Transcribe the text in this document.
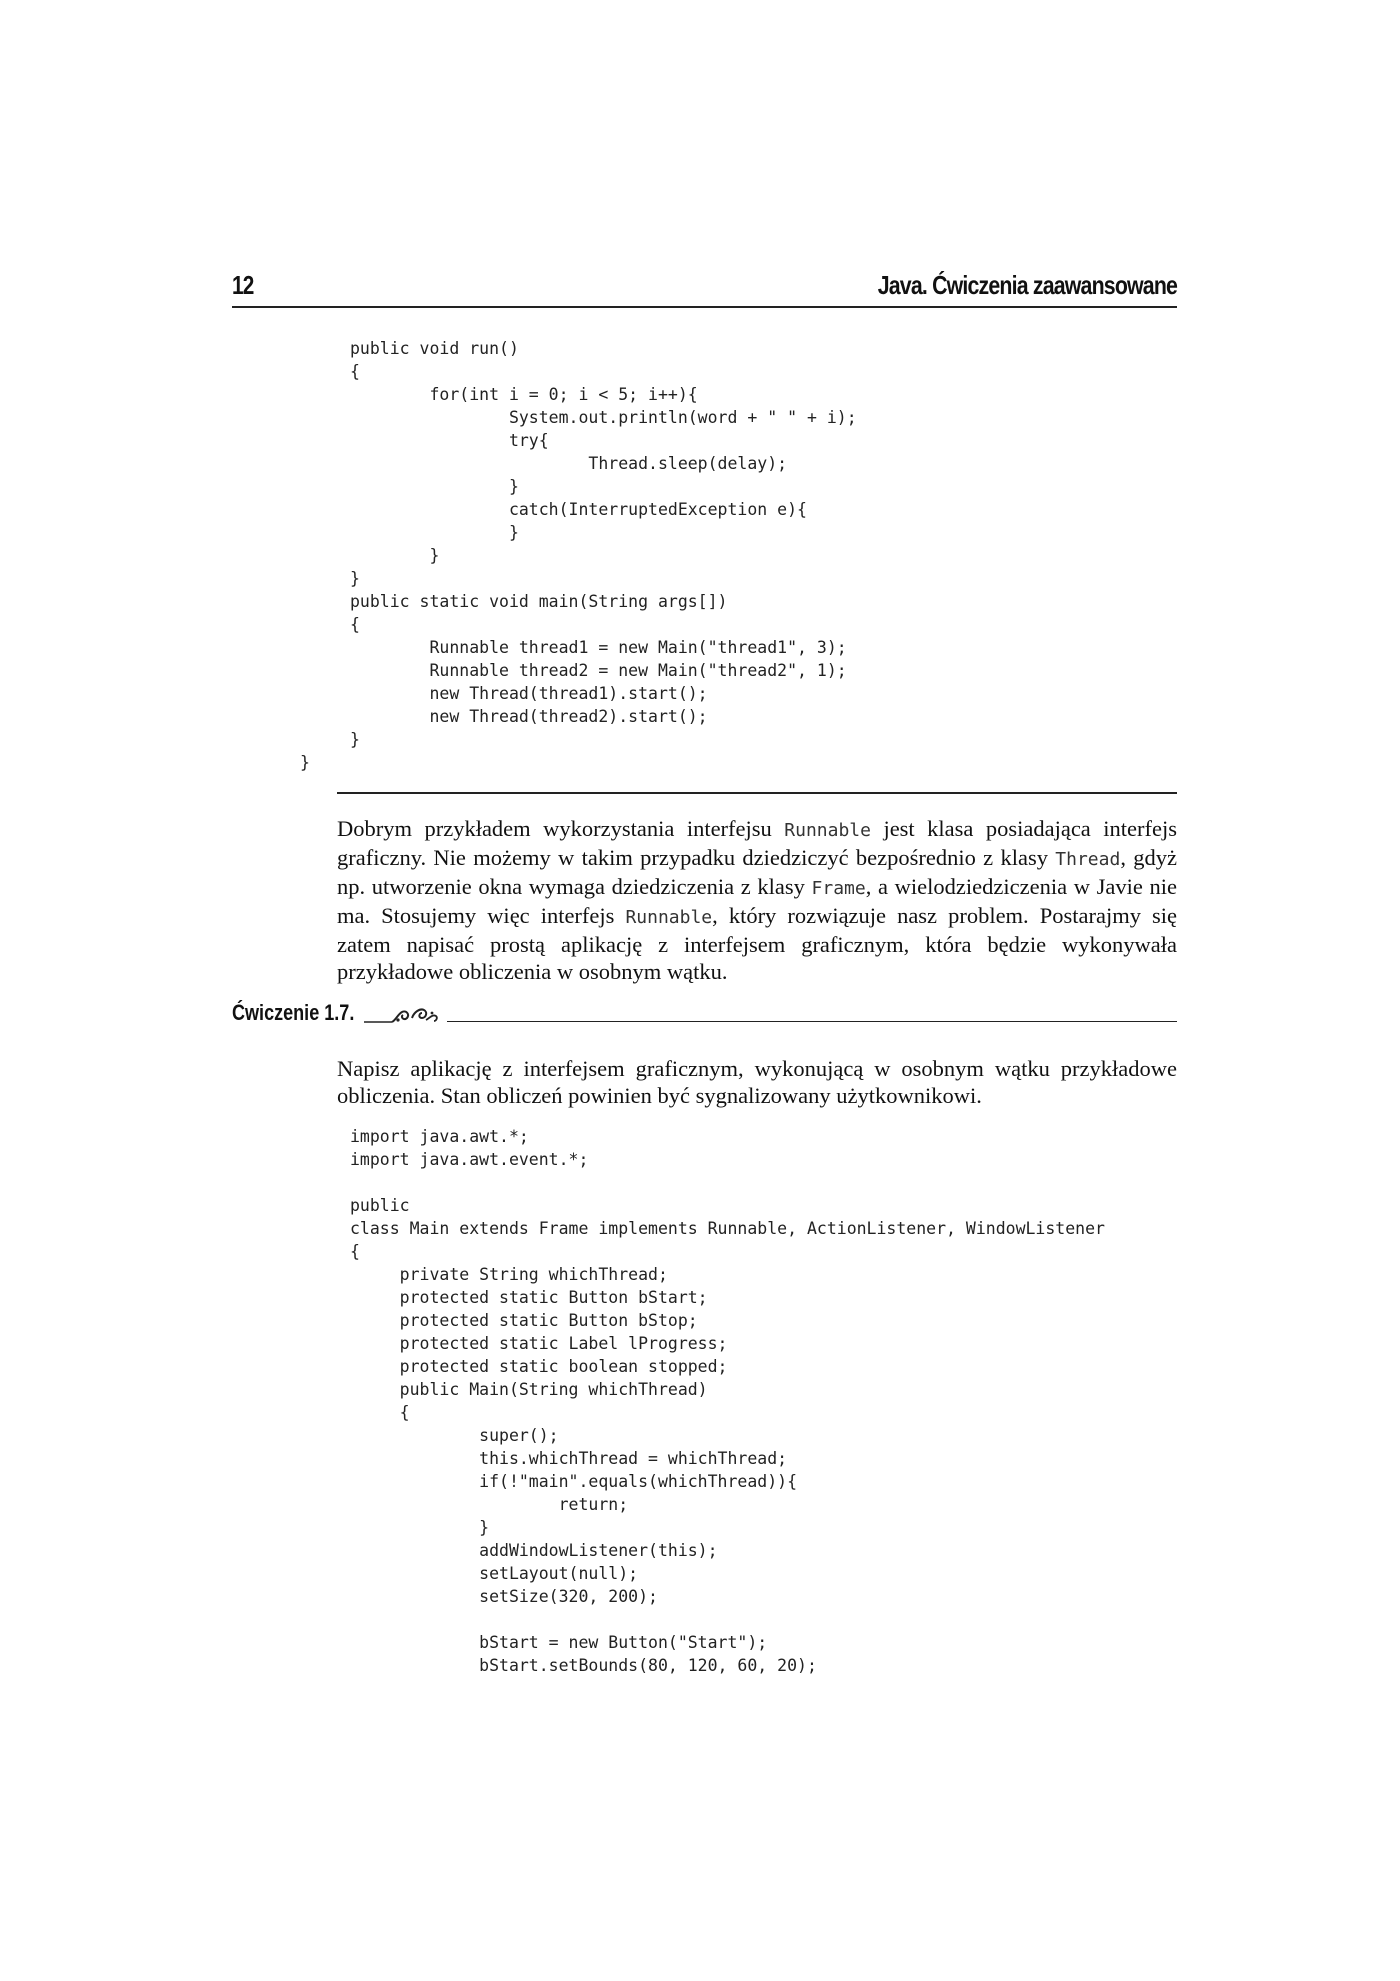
12	Java. Ćwiczenia zaawansowane
public void run()
{
for(int i = 0; i < 5; i++){
System.out.println(word + " " + i);
try{
Thread.sleep(delay);
}
catch(InterruptedException e){
}
}
}
public static void main(String args[])
{
Runnable thread1 = new Main("thread1", 3);
Runnable thread2 = new Main("thread2", 1);
new Thread(thread1).start();
new Thread(thread2).start();
}
}

Dobrym przykładem wykorzystania interfejsu Runnable jest klasa posiadająca interfejs graficzny. Nie możemy w takim przypadku dziedziczyć bezpośrednio z klasy Thread, gdyż np. utworzenie okna wymaga dziedziczenia z klasy Frame, a wielodziedziczenia w Javie nie ma. Stosujemy więc interfejs Runnable, który rozwiązuje nasz problem. Postarajmy się zatem napisać prostą aplikację z interfejsem graficznym, która będzie wykonywała przykładowe obliczenia w osobnym wątku.

Ćwiczenie 1.7.

Napisz aplikację z interfejsem graficznym, wykonującą w osobnym wątku przykładowe obliczenia. Stan obliczeń powinien być sygnalizowany użytkownikowi.

import java.awt.*;
import java.awt.event.*;

public
class Main extends Frame implements Runnable, ActionListener, WindowListener
{
private String whichThread;
protected static Button bStart;
protected static Button bStop;
protected static Label lProgress;
protected static boolean stopped;
public Main(String whichThread)
{
super();
this.whichThread = whichThread;
if(!"main".equals(whichThread)){
return;
}
addWindowListener(this);
setLayout(null);
setSize(320, 200);

bStart = new Button("Start");
bStart.setBounds(80, 120, 60, 20);
